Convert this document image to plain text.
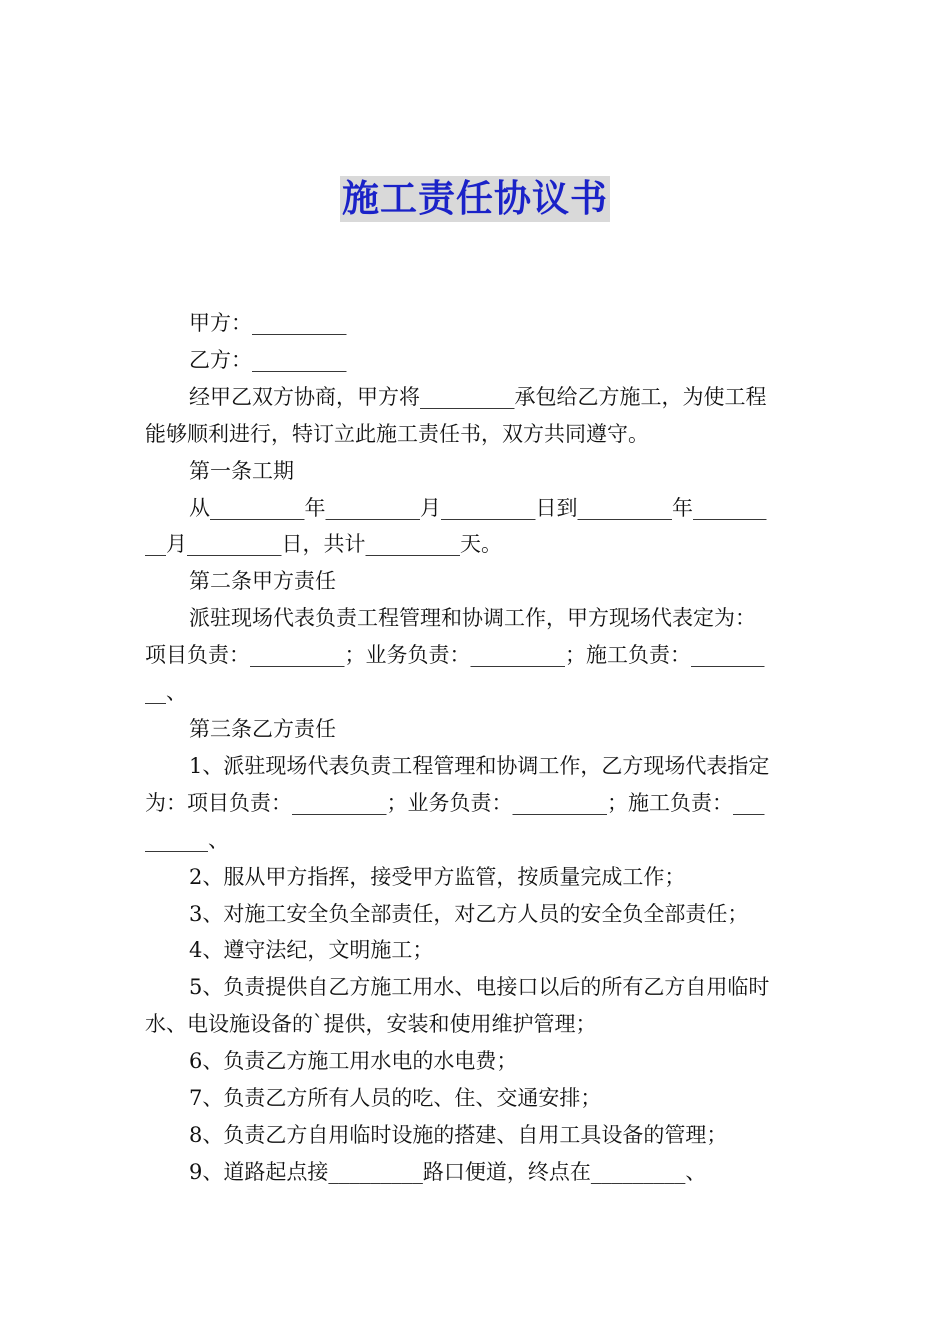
施工责任协议书

甲方：_________

乙方：_________

经甲乙双方协商，甲方将_________承包给乙方施工，为使工程

能够顺利进行，特订立此施工责任书，双方共同遵守。

第一条工期

从_________年_________月_________日到_________年_______

__月_________日，共计_________天。

第二条甲方责任

派驻现场代表负责工程管理和协调工作，甲方现场代表定为：

项目负责：_________；业务负责：_________；施工负责：_______

__、

第三条乙方责任

1、派驻现场代表负责工程管理和协调工作，乙方现场代表指定

为：项目负责：_________；业务负责：_________；施工负责：___

______、

2、服从甲方指挥，接受甲方监管，按质量完成工作；

3、对施工安全负全部责任，对乙方人员的安全负全部责任；

4、遵守法纪，文明施工；

5、负责提供自乙方施工用水、电接口以后的所有乙方自用临时

水、电设施设备的`提供，安装和使用维护管理；

6、负责乙方施工用水电的水电费；

7、负责乙方所有人员的吃、住、交通安排；

8、负责乙方自用临时设施的搭建、自用工具设备的管理；

9、道路起点接_________路口便道，终点在_________、
